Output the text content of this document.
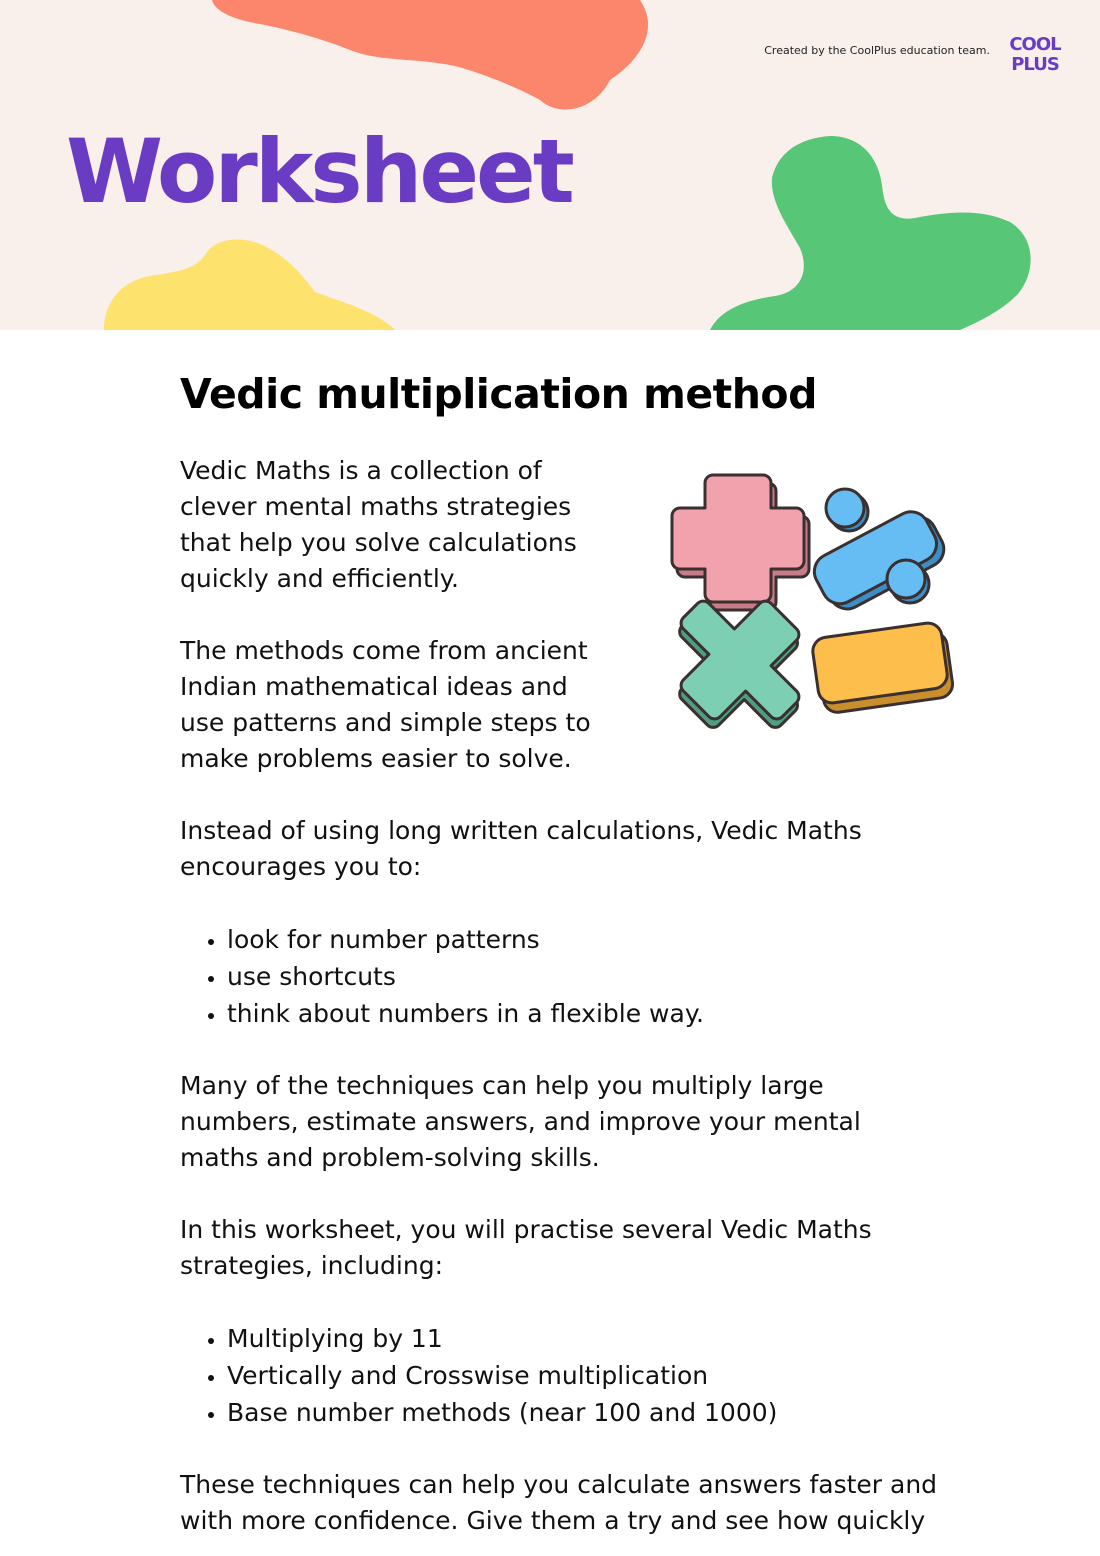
Created by the CoolPlus education team. COOL
PLUS
Worksheet
Vedic multiplication method

Vedic Maths is a collection of clever mental maths strategies that help you solve calculations quickly and efficiently.

The methods come from ancient Indian mathematical ideas and use patterns and simple steps to make problems easier to solve.

Instead of using long written calculations, Vedic Maths encourages you to:

• look for number patterns
• use shortcuts
• think about numbers in a flexible way.

Many of the techniques can help you multiply large numbers, estimate answers, and improve your mental maths and problem-solving skills.

In this worksheet, you will practise several Vedic Maths strategies, including:

• Multiplying by 11
• Vertically and Crosswise multiplication
• Base number methods (near 100 and 1000)

These techniques can help you calculate answers faster and with more confidence. Give them a try and see how quickly
